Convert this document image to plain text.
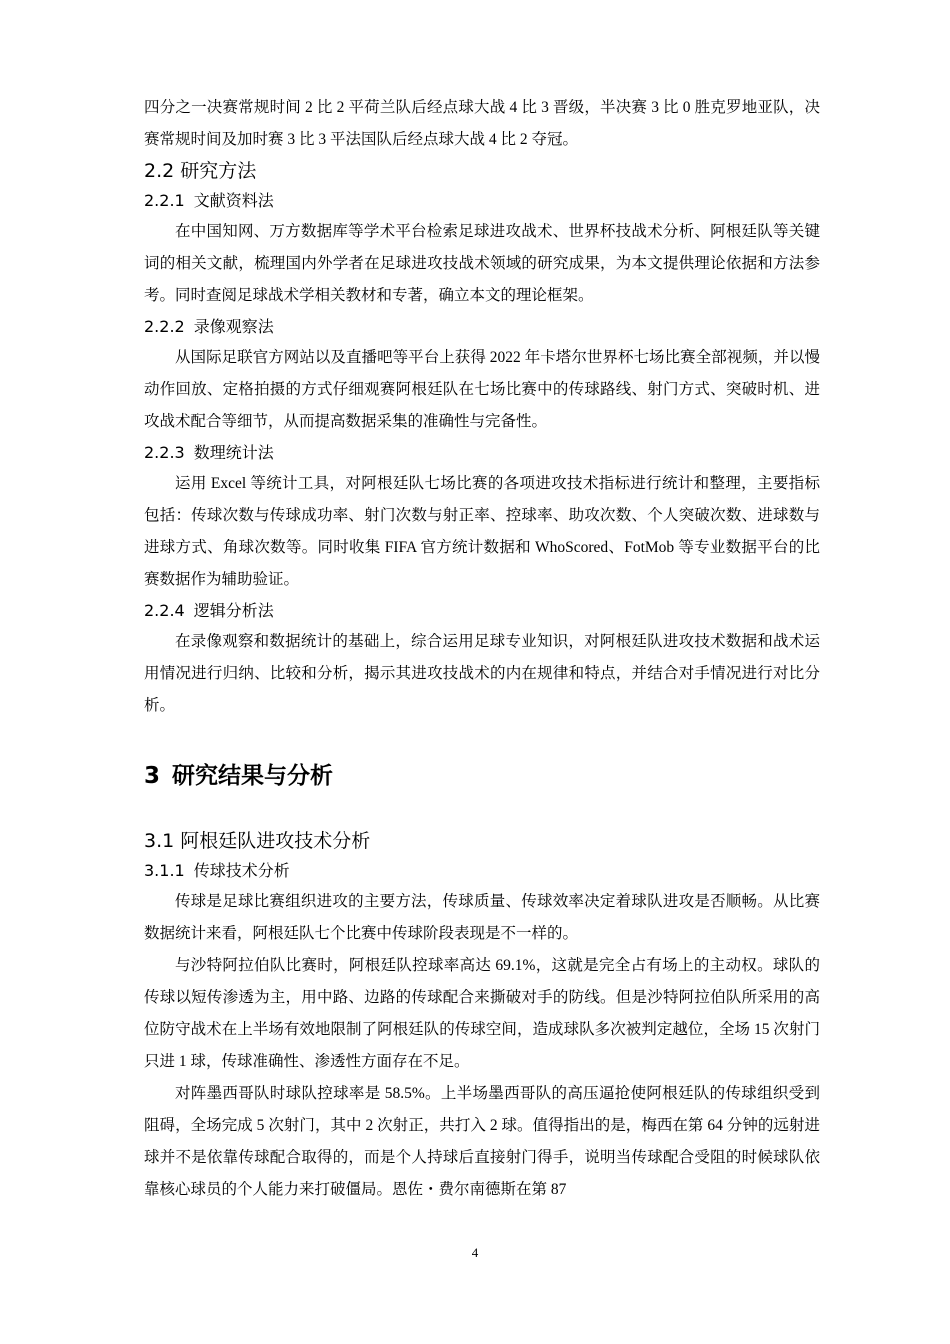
四分之一决赛常规时间 2 比 2 平荷兰队后经点球大战 4 比 3 晋级，半决赛 3 比 0 胜克罗地亚队，决赛常规时间及加时赛 3 比 3 平法国队后经点球大战 4 比 2 夺冠。

2.2 研究方法
2.2.1 文献资料法

在中国知网、万方数据库等学术平台检索足球进攻战术、世界杯技战术分析、阿根廷队等关键词的相关文献，梳理国内外学者在足球进攻技战术领域的研究成果，为本文提供理论依据和方法参考。同时查阅足球战术学相关教材和专著，确立本文的理论框架。

2.2.2 录像观察法

从国际足联官方网站以及直播吧等平台上获得 2022 年卡塔尔世界杯七场比赛全部视频，并以慢动作回放、定格拍摄的方式仔细观赛阿根廷队在七场比赛中的传球路线、射门方式、突破时机、进攻战术配合等细节，从而提高数据采集的准确性与完备性。

2.2.3 数理统计法

运用 Excel 等统计工具，对阿根廷队七场比赛的各项进攻技术指标进行统计和整理，主要指标包括：传球次数与传球成功率、射门次数与射正率、控球率、助攻次数、个人突破次数、进球数与进球方式、角球次数等。同时收集 FIFA 官方统计数据和 WhoScored、FotMob 等专业数据平台的比赛数据作为辅助验证。

2.2.4 逻辑分析法

在录像观察和数据统计的基础上，综合运用足球专业知识，对阿根廷队进攻技术数据和战术运用情况进行归纳、比较和分析，揭示其进攻技战术的内在规律和特点，并结合对手情况进行对比分析。

3 研究结果与分析
3.1 阿根廷队进攻技术分析
3.1.1 传球技术分析

传球是足球比赛组织进攻的主要方法，传球质量、传球效率决定着球队进攻是否顺畅。从比赛数据统计来看，阿根廷队七个比赛中传球阶段表现是不一样的。

与沙特阿拉伯队比赛时，阿根廷队控球率高达 69.1%，这就是完全占有场上的主动权。球队的传球以短传渗透为主，用中路、边路的传球配合来撕破对手的防线。但是沙特阿拉伯队所采用的高位防守战术在上半场有效地限制了阿根廷队的传球空间，造成球队多次被判定越位，全场 15 次射门只进 1 球，传球准确性、渗透性方面存在不足。

对阵墨西哥队时球队控球率是 58.5%。上半场墨西哥队的高压逼抢使阿根廷队的传球组织受到阻碍，全场完成 5 次射门，其中 2 次射正，共打入 2 球。值得指出的是，梅西在第 64 分钟的远射进球并不是依靠传球配合取得的，而是个人持球后直接射门得手，说明当传球配合受阻的时候球队依靠核心球员的个人能力来打破僵局。恩佐・费尔南德斯在第 87

4
